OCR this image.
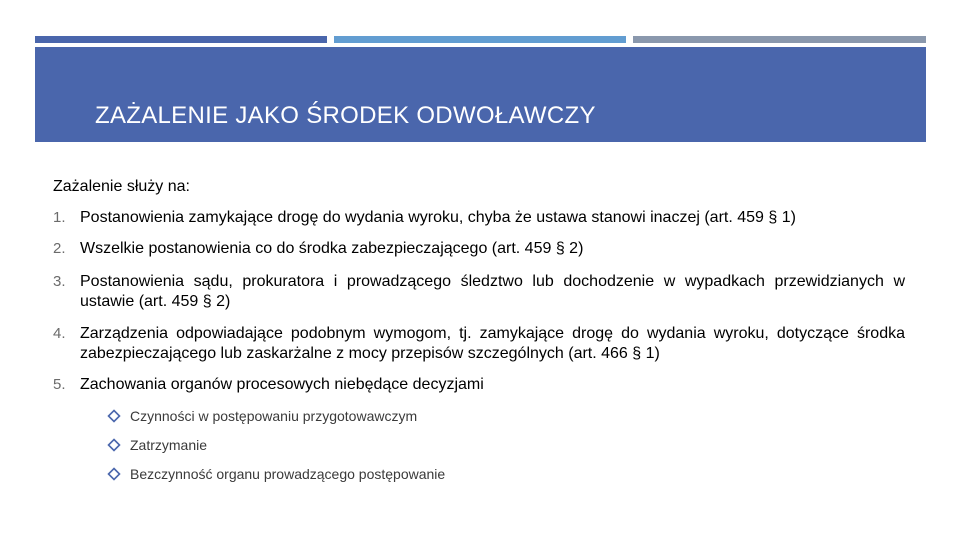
ZAŻALENIE JAKO ŚRODEK ODWOŁAWCZY

Zażalenie służy na:

1. Postanowienia zamykające drogę do wydania wyroku, chyba że ustawa stanowi inaczej (art. 459 § 1)
2. Wszelkie postanowienia co do środka zabezpieczającego (art. 459 § 2)
3. Postanowienia sądu, prokuratora i prowadzącego śledztwo lub dochodzenie w wypadkach przewidzianych w ustawie (art. 459 § 2)
4. Zarządzenia odpowiadające podobnym wymogom, tj. zamykające drogę do wydania wyroku, dotyczące środka zabezpieczającego lub zaskarżalne z mocy przepisów szczególnych (art. 466 § 1)
5. Zachowania organów procesowych niebędące decyzjami
Czynności w postępowaniu przygotowawczym
Zatrzymanie
Bezczynność organu prowadzącego postępowanie
